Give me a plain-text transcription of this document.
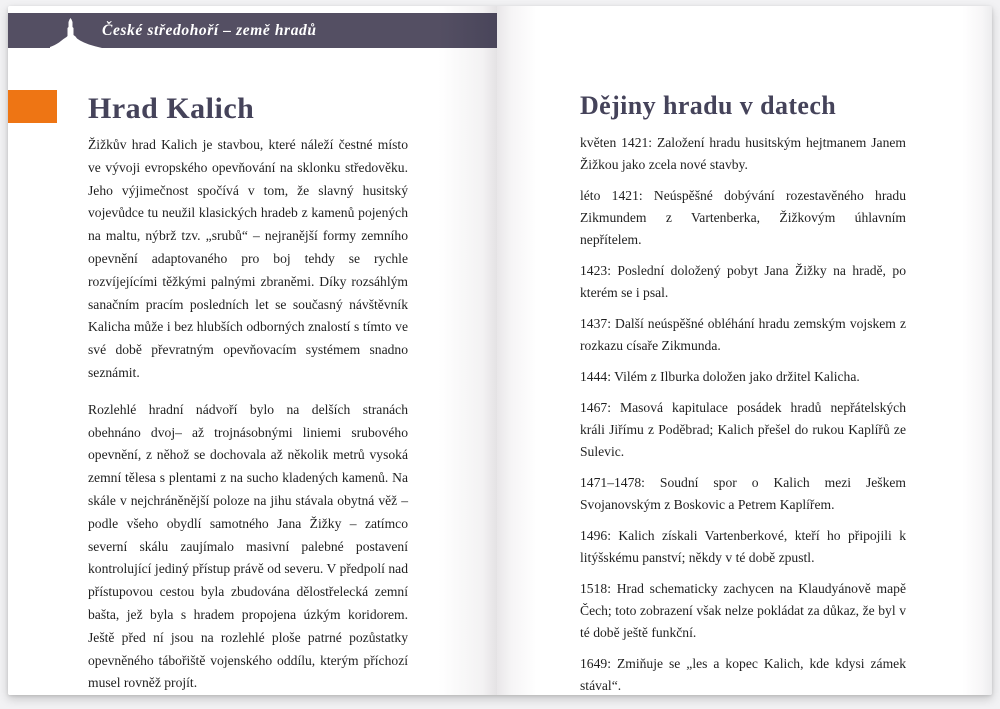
České středohoří – země hradů
Hrad Kalich

Žižkův hrad Kalich je stavbou, které náleží čestné místo ve vývoji evropského opevňování na sklonku středověku. Jeho výjimečnost spočívá v tom, že slavný husitský vojevůdce tu neužil klasických hradeb z kamenů pojených na maltu, nýbrž tzv. „srubů“ – nejranější formy zemního opevnění adaptovaného pro boj tehdy se rychle rozvíjejícími těžkými palnými zbraněmi. Díky rozsáhlým sanačním pracím posledních let se současný návštěvník Kalicha může i bez hlubších odborných znalostí s tímto ve své době převratným opevňovacím systémem snadno seznámit.

Rozlehlé hradní nádvoří bylo na delších stranách obehnáno dvoj– až trojnásobnými liniemi srubového opevnění, z něhož se dochovala až několik metrů vysoká zemní tělesa s plentami z na sucho kladených kamenů. Na skále v nejchráněnější poloze na jihu stávala obytná věž – podle všeho obydlí samotného Jana Žižky – zatímco severní skálu zaujímalo masivní palebné postavení kontrolující jediný přístup právě od severu. V předpolí nad přístupovou cestou byla zbudována dělostřelecká zemní bašta, jež byla s hradem propojena úzkým koridorem. Ještě před ní jsou na rozlehlé ploše patrné pozůstatky opevněného tábořiště vojenského oddílu, kterým příchozí musel rovněž projít.

Dějiny hradu v datech

květen 1421: Založení hradu husitským hejtmanem Janem Žižkou jako zcela nové stavby.

léto 1421: Neúspěšné dobývání rozestavěného hradu Zikmundem z Vartenberka, Žižkovým úhlavním nepřítelem.

1423: Poslední doložený pobyt Jana Žižky na hradě, po kterém se i psal.

1437: Další neúspěšné obléhání hradu zemským vojskem z rozkazu císaře Zikmunda.

1444: Vilém z Ilburka doložen jako držitel Kalicha.

1467: Masová kapitulace posádek hradů nepřátelských králi Jiřímu z Poděbrad; Kalich přešel do rukou Kaplířů ze Sulevic.

1471–1478: Soudní spor o Kalich mezi Ješkem Svojanovským z Boskovic a Petrem Kaplířem.

1496: Kalich získali Vartenberkové, kteří ho připojili k litýšskému panství; někdy v té době zpustl.

1518: Hrad schematicky zachycen na Klaudyánově mapě Čech; toto zobrazení však nelze pokládat za důkaz, že byl v té době ještě funkční.

1649: Zmiňuje se „les a kopec Kalich, kde kdysi zámek stával“.
